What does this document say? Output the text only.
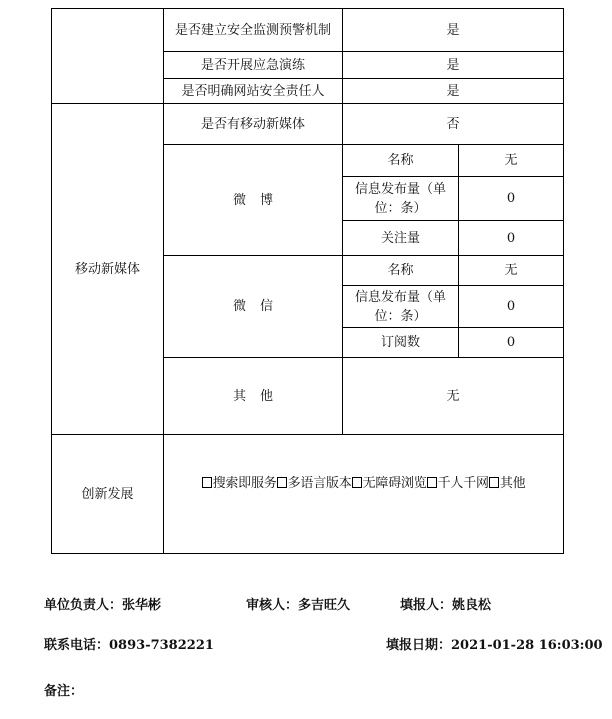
	是否建立安全监测预警机制	是	
	是否开展应急演练	是	
	是否明确网站安全责任人	是	
移动新媒体	是否有移动新媒体	否	
	微博	名称	无
		信息发布量（单位：条）	0
		关注量	0
	微信	名称	无
		信息发布量（单位：条）	0
		订阅数	0
	其他	无	
创新发展	搜索即服务 多语言版本 无障碍浏览 千人千网 其他		
单位负责人：张华彬	审核人：多吉旺久	填报人：姚良松
联系电话：0893-7382221	填报日期：2021-01-28 16:03:00
备注：
